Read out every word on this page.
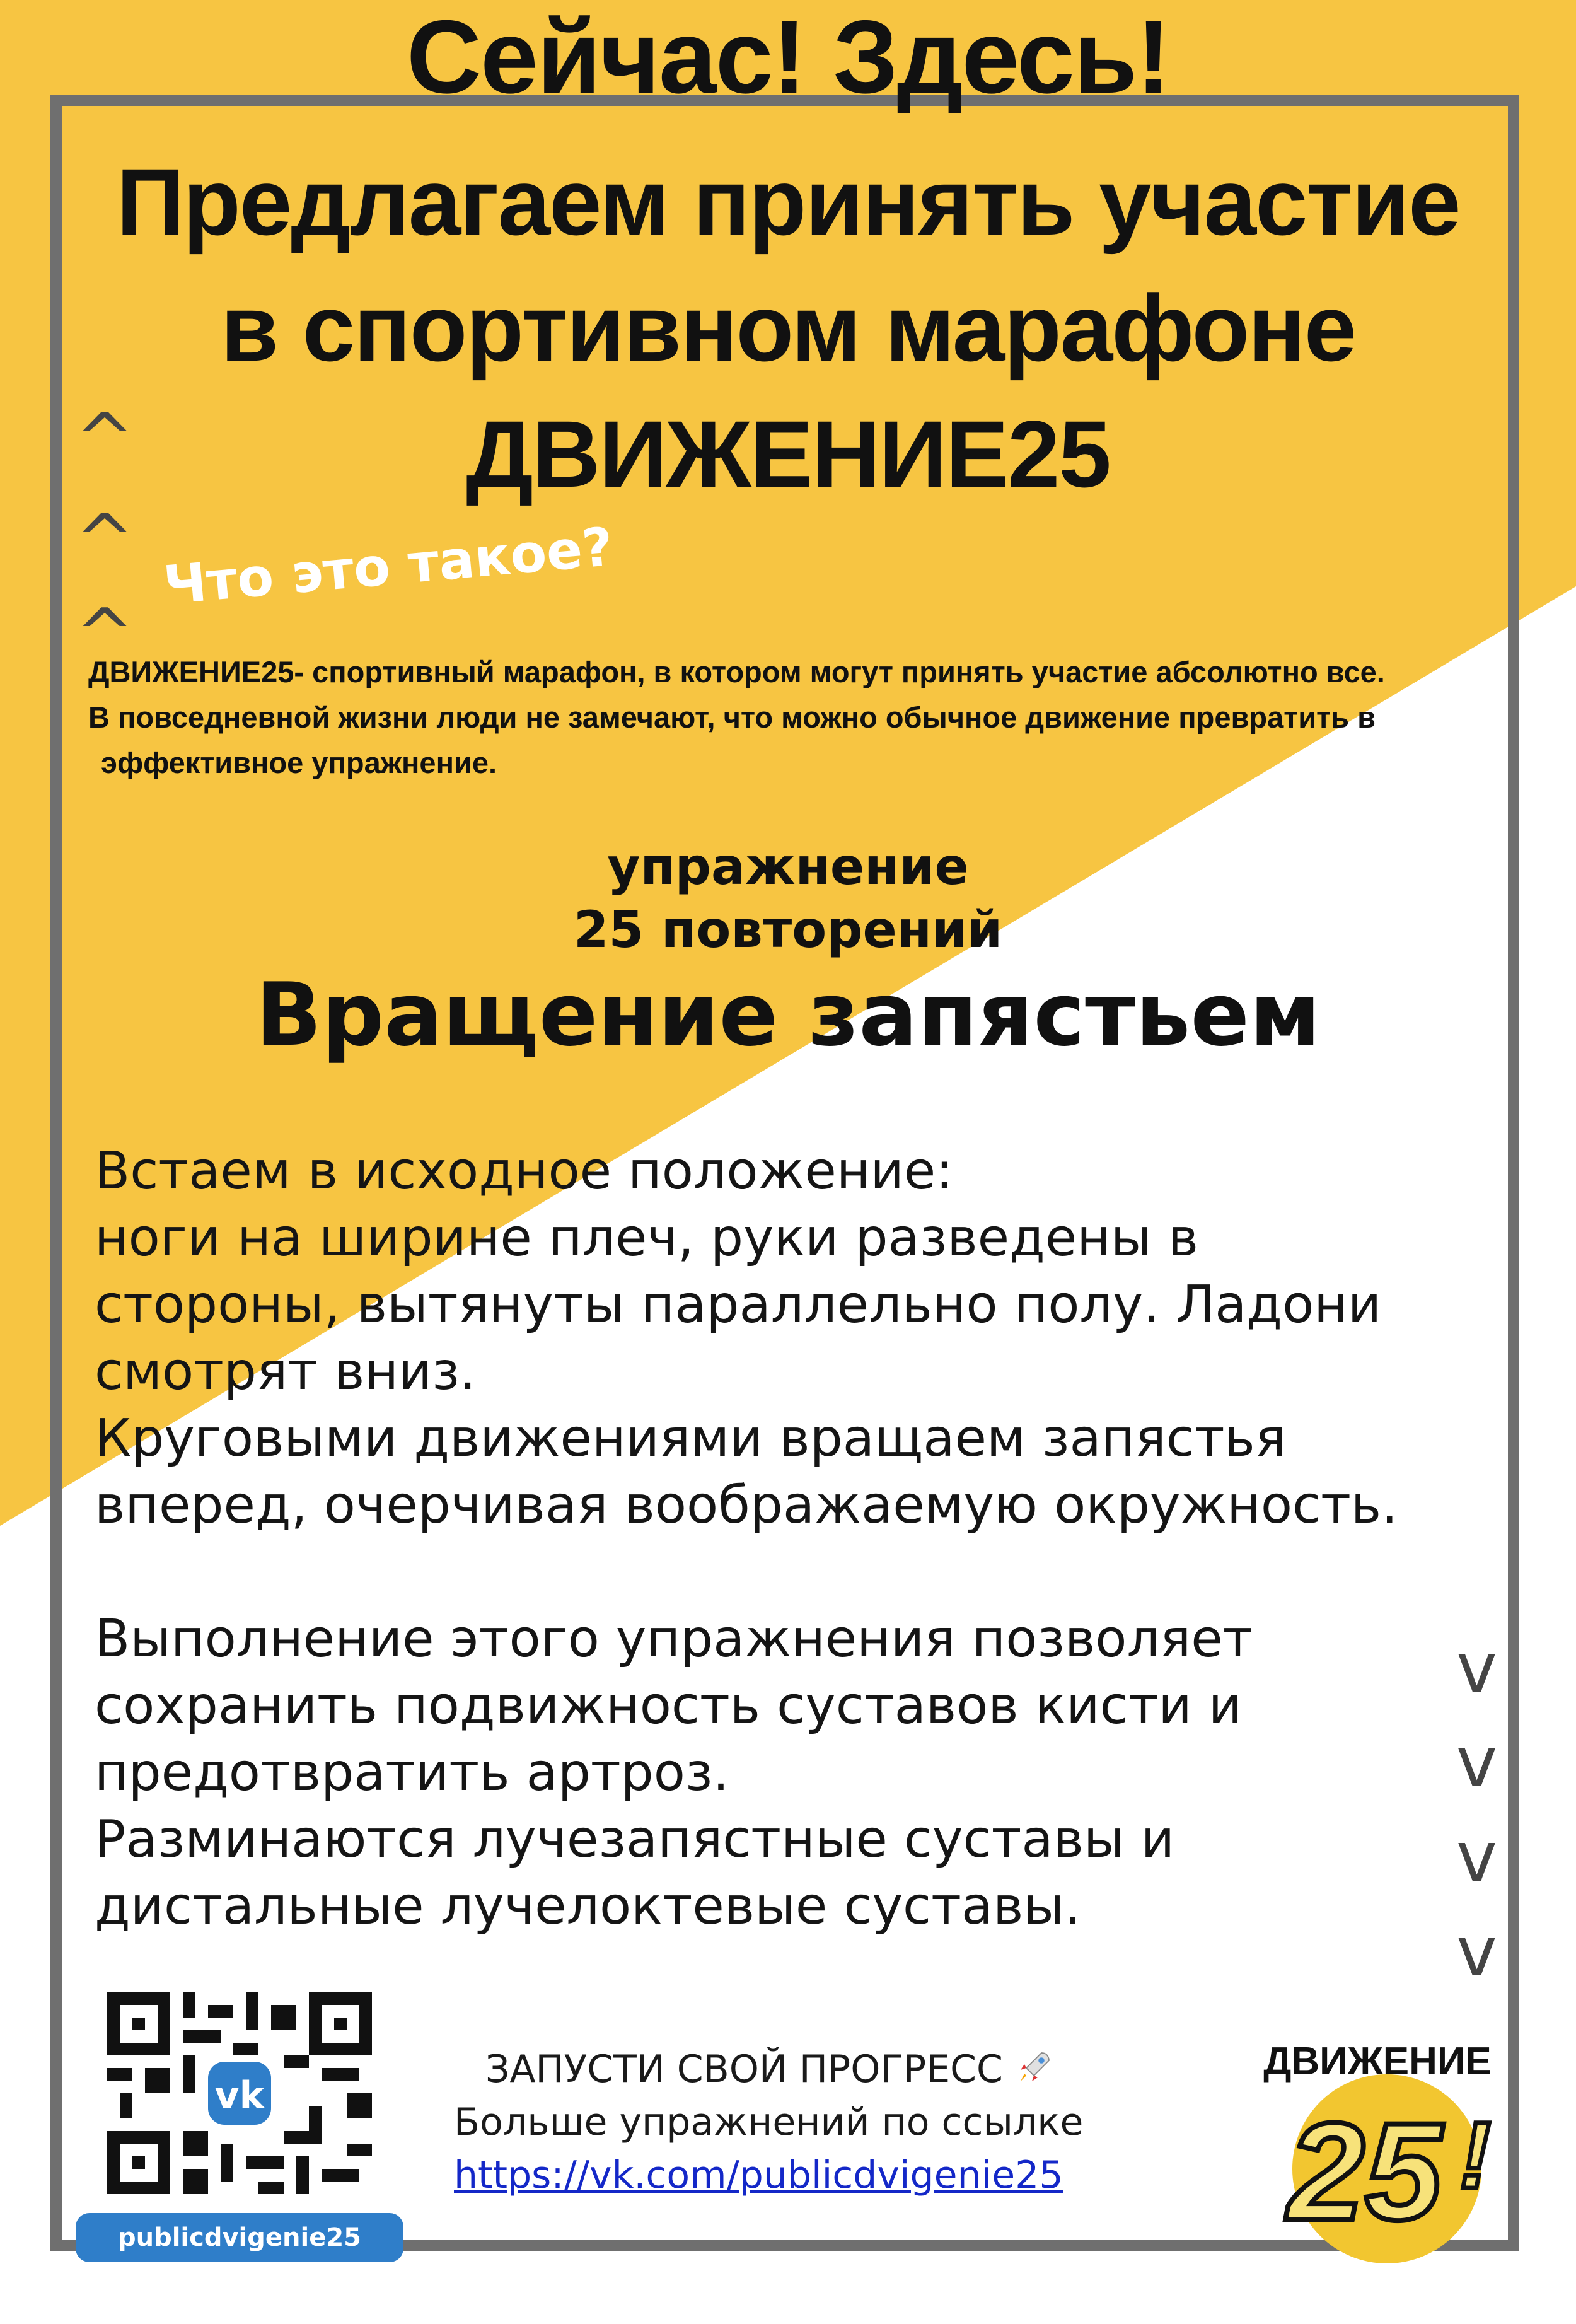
Сейчас! Здесь!
Предлагаем принять участие
в спортивном марафоне
ДВИЖЕНИЕ25
^
^
^
Что это такое?
ДВИЖЕНИЕ25- спортивный марафон, в котором могут принять участие абсолютно все.
В повседневной жизни люди не замечают, что можно обычное движение превратить в
эффективное упражнение.
упражнение
25 повторений
Вращение запястьем

Встаем в исходное положение:

ноги на ширине плеч, руки разведены в

стороны, вытянуты параллельно полу. Ладони

смотрят вниз.

Круговыми движениями вращаем запястья

вперед, очерчивая воображаемую окружность.

Выполнение этого упражнения позволяет

сохранить подвижность суставов кисти и

предотвратить артроз.

Разминаются лучезапястные суставы и

дистальные лучелоктевые суставы.

v
v
v
v
vk
publicdvigenie25
ЗАПУСТИ СВОЙ ПРОГРЕСС
Больше упражнений по ссылке
https://vk.com/publicdvigenie25
ДВИЖЕНИЕ
25 !
